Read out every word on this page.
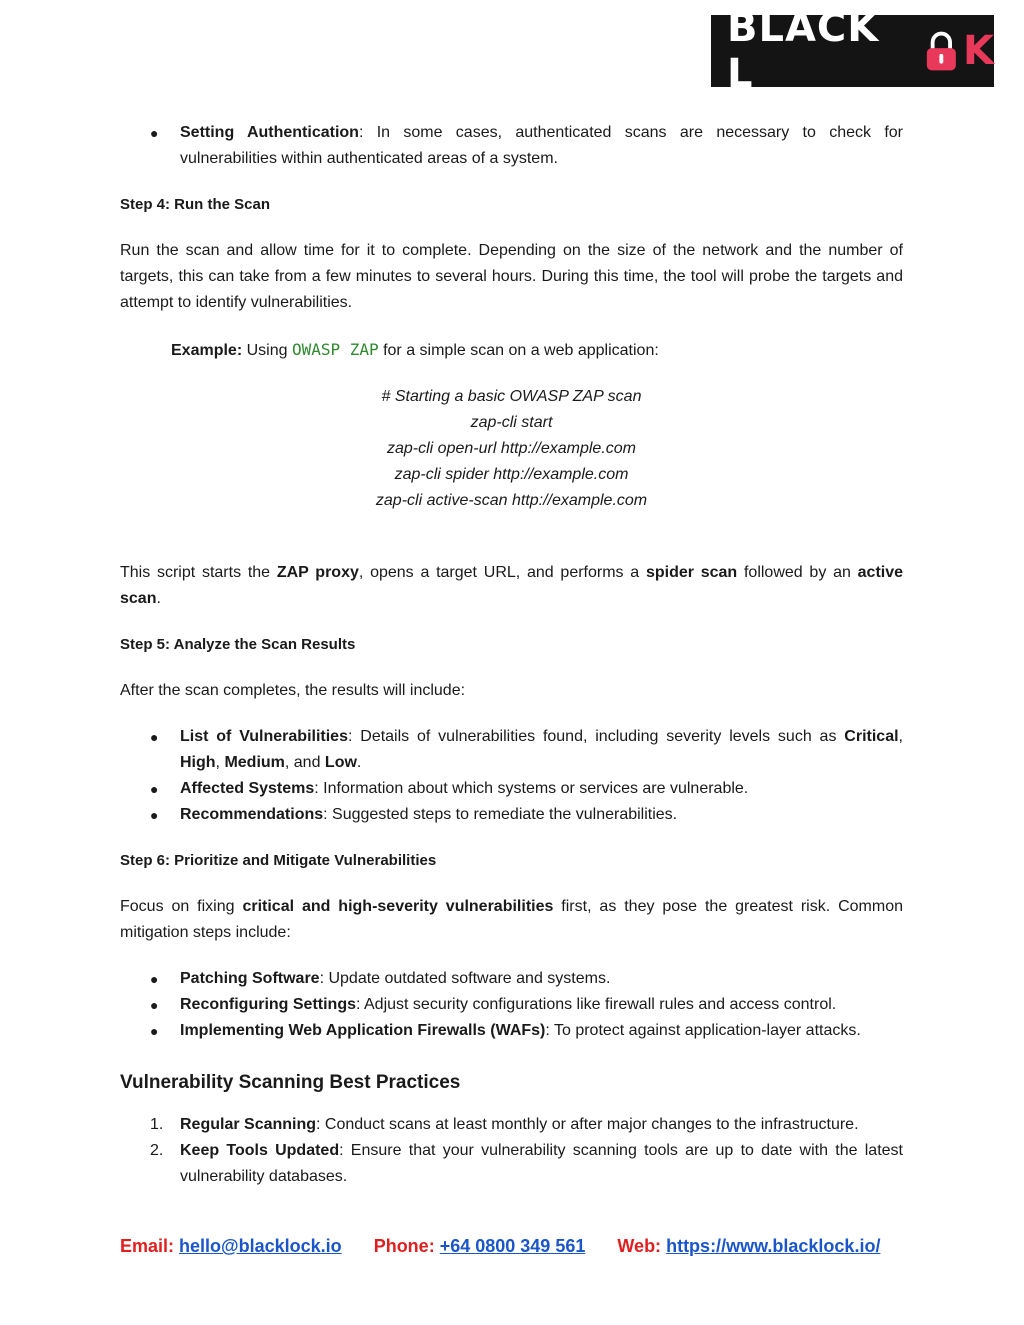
BLACK L	K
● Setting Authentication: In some cases, authenticated scans are necessary to check for vulnerabilities within authenticated areas of a system.

Step 4: Run the Scan

Run the scan and allow time for it to complete. Depending on the size of the network and the number of targets, this can take from a few minutes to several hours. During this time, the tool will probe the targets and attempt to identify vulnerabilities.

Example: Using OWASP ZAP for a simple scan on a web application:

# Starting a basic OWASP ZAP scan

zap-cli start

zap-cli open-url http://example.com

zap-cli spider http://example.com

zap-cli active-scan http://example.com

This script starts the ZAP proxy, opens a target URL, and performs a spider scan followed by an active scan.

Step 5: Analyze the Scan Results

After the scan completes, the results will include:

● List of Vulnerabilities: Details of vulnerabilities found, including severity levels such as Critical, High, Medium, and Low.
● Affected Systems: Information about which systems or services are vulnerable.
● Recommendations: Suggested steps to remediate the vulnerabilities.

Step 6: Prioritize and Mitigate Vulnerabilities

Focus on fixing critical and high-severity vulnerabilities first, as they pose the greatest risk. Common mitigation steps include:

● Patching Software: Update outdated software and systems.
● Reconfiguring Settings: Adjust security configurations like firewall rules and access control.
● Implementing Web Application Firewalls (WAFs): To protect against application-layer attacks.
Vulnerability Scanning Best Practices
1. Regular Scanning: Conduct scans at least monthly or after major changes to the infrastructure.
2. Keep Tools Updated: Ensure that your vulnerability scanning tools are up to date with the latest vulnerability databases.
Email: hello@blacklock.io Phone: +64 0800 349 561 Web: https://www.blacklock.io/
